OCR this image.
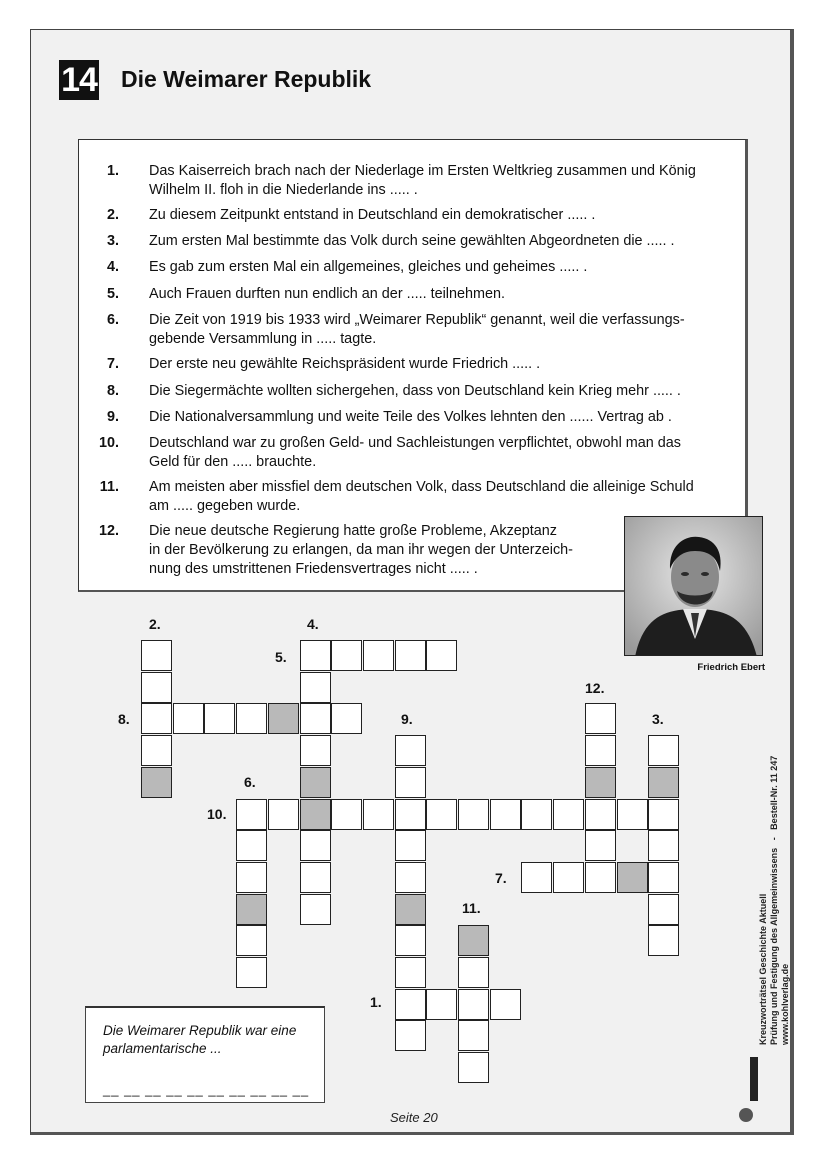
14 Die Weimarer Republik
1. Das Kaiserreich brach nach der Niederlage im Ersten Weltkrieg zusammen und König
Wilhelm II. floh in die Niederlande ins ..... .
2. Zu diesem Zeitpunkt entstand in Deutschland ein demokratischer ..... .
3. Zum ersten Mal bestimmte das Volk durch seine gewählten Abgeordneten die ..... .
4. Es gab zum ersten Mal ein allgemeines, gleiches und geheimes ..... .
5. Auch Frauen durften nun endlich an der ..... teilnehmen.
6. Die Zeit von 1919 bis 1933 wird „Weimarer Republik“ genannt, weil die verfassungs-
gebende Versammlung in ..... tagte.
7. Der erste neu gewählte Reichspräsident wurde Friedrich ..... .
8. Die Siegermächte wollten sichergehen, dass von Deutschland kein Krieg mehr ..... .
9. Die Nationalversammlung und weite Teile des Volkes lehnten den ...... Vertrag ab .
10. Deutschland war zu großen Geld- und Sachleistungen verpflichtet, obwohl man das
Geld für den ..... brauchte.
11. Am meisten aber missfiel dem deutschen Volk, dass Deutschland die alleinige Schuld
am ..... gegeben wurde.
12. Die neue deutsche Regierung hatte große Probleme, Akzeptanz
in der Bevölkerung zu erlangen, da man ihr wegen der Unterzeich-
nung des umstrittenen Friedensvertrages nicht ..... .
Friedrich Ebert
2.	4.
5.
8.	9.
12.
3.
6.
10.
7.
11.
1.
Die Weimarer Republik war eine parlamentarische ...
__ __ __ __ __ __ __ __ __ __
Seite 20
Kreuzworträtsel Geschichte Aktuell
Prüfung und Festigung des Allgemeinwissens   -   Bestell-Nr. 11 247
www.kohlverlag.de
